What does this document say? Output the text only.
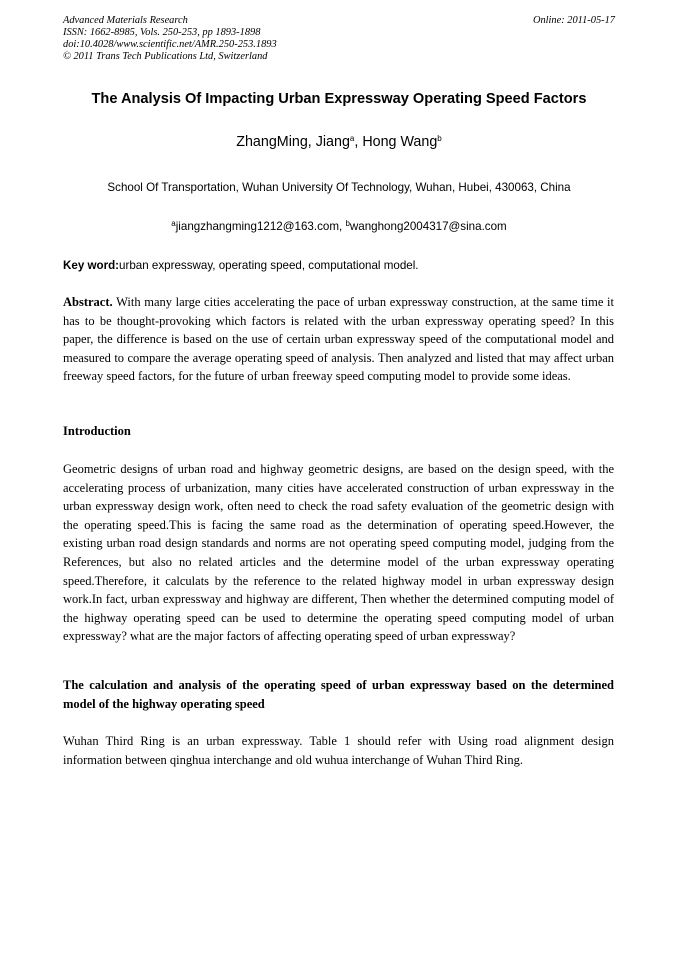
Advanced Materials Research
ISSN: 1662-8985, Vols. 250-253, pp 1893-1898
doi:10.4028/www.scientific.net/AMR.250-253.1893
© 2011 Trans Tech Publications Ltd, Switzerland
Online: 2011-05-17
The Analysis Of Impacting Urban Expressway Operating Speed Factors
ZhangMing, Jiang$^a$, Hong Wang$^b$
School Of Transportation, Wuhan University Of Technology, Wuhan, Hubei, 430063, China
$^a$jiangzhangming1212@163.com, $^b$wanghong2004317@sina.com
Key word:urban expressway, operating speed, computational model.
Abstract. With many large cities accelerating the pace of urban expressway construction, at the same time it has to be thought-provoking which factors is related with the urban expressway operating speed? In this paper, the difference is based on the use of certain urban expressway speed of the computational model and measured to compare the average operating speed of analysis. Then analyzed and listed that may affect urban freeway speed factors, for the future of urban freeway speed computing model to provide some ideas.
Introduction
Geometric designs of urban road and highway geometric designs, are based on the design speed, with the accelerating process of urbanization, many cities have accelerated construction of urban expressway in the urban expressway design work, often need to check the road safety evaluation of the geometric design with the operating speed.This is facing the same road as the determination of operating speed.However, the existing urban road design standards and norms are not operating speed computing model, judging from the References, but also no related articles and the determine model of the urban expressway operating speed.Therefore, it calculats by the reference to the related highway model in urban expressway design work.In fact, urban expressway and highway are different, Then whether the determined computing model of the highway operating speed can be used to determine the operating speed computing model of urban expressway? what are the major factors of affecting operating speed of urban expressway?
The calculation and analysis of the operating speed of urban expressway based on the determined model of the highway operating speed
Wuhan Third Ring is an urban expressway. Table 1 should refer with Using road alignment design information between qinghua interchange and old wuhua interchange of Wuhan Third Ring.
